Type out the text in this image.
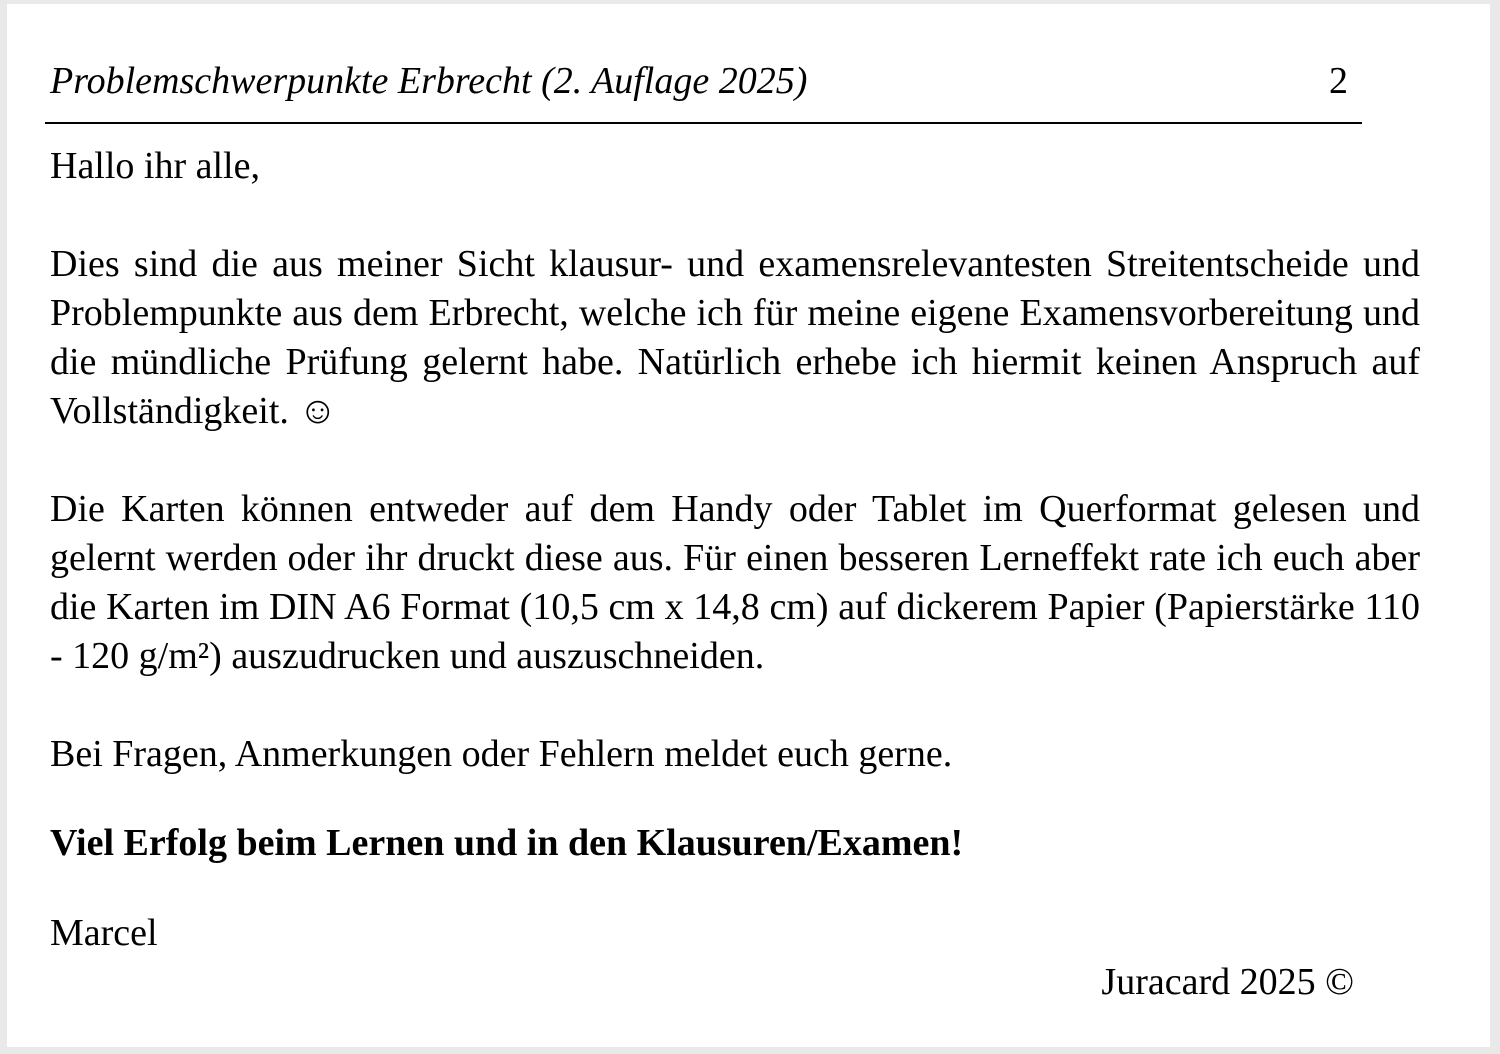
Problemschwerpunkte Erbrecht (2. Auflage 2025)	2

Hallo ihr alle,

Dies sind die aus meiner Sicht klausur- und examensrelevantesten Streitentscheide und Problempunkte aus dem Erbrecht, welche ich für meine eigene Examensvorbereitung und die mündliche Prüfung gelernt habe. Natürlich erhebe ich hiermit keinen Anspruch auf Vollständigkeit. ☺

Die Karten können entweder auf dem Handy oder Tablet im Querformat gelesen und gelernt werden oder ihr druckt diese aus. Für einen besseren Lerneffekt rate ich euch aber die Karten im DIN A6 Format (10,5 cm x 14,8 cm) auf dickerem Papier (Papierstärke 110 - 120 g/m²) auszudrucken und auszuschneiden.

Bei Fragen, Anmerkungen oder Fehlern meldet euch gerne.

Viel Erfolg beim Lernen und in den Klausuren/Examen!

Marcel

Juracard 2025 ©
